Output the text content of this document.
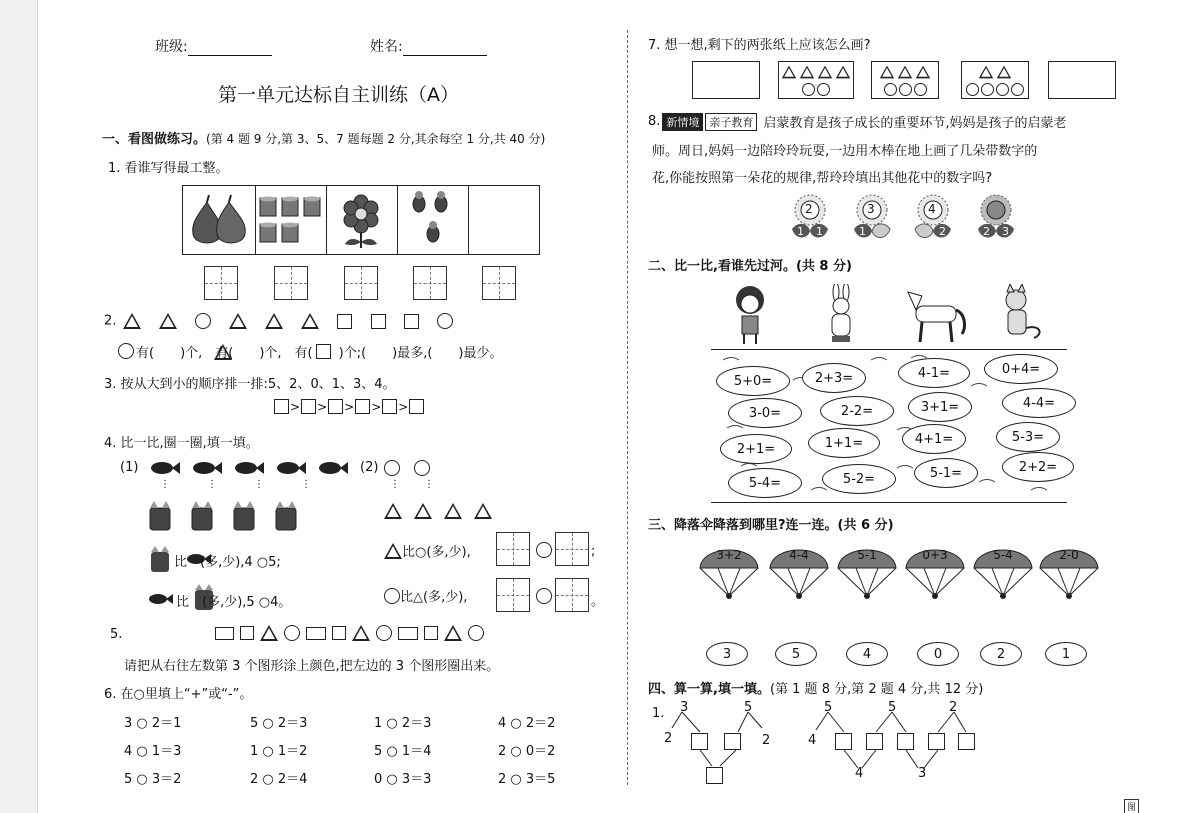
班级:	姓名:
第一单元达标自主训练（A）
一、看图做练习。(第 4 题 9 分,第 3、5、7 题每题 2 分,其余每空 1 分,共 40 分)
1. 看谁写得最工整。
2.
有(　　)个,　有(　　)个,　有(　　)个;(　　)最多,(　　)最少。
3. 按从大到小的顺序排一排:5、2、0、1、3、4。
> > > > >
4. 比一比,圈一圈,填一填。
(1)
⋮⋮⋮⋮
比　(多,少),4 ○5;
比　(多,少),5 ○4。
(2)
⋮⋮
比○(多,少),	;
比△(多,少),	。
5.
请把从右往左数第 3 个图形涂上颜色,把左边的 3 个图形圈出来。
6. 在○里填上“+”或“-”。
3 ○ 2＝1	5 ○ 2＝3	1 ○ 2＝3	4 ○ 2＝2
4 ○ 1＝3	1 ○ 1＝2	5 ○ 1＝4	2 ○ 0＝2
5 ○ 3＝2	2 ○ 2＝4	0 ○ 3＝3	2 ○ 3＝5
7. 想一想,剩下的两张纸上应该怎么画?
8. 新情境 亲子教育 启蒙教育是孩子成长的重要环节,妈妈是孩子的启蒙老
师。周日,妈妈一边陪玲玲玩耍,一边用木棒在地上画了几朵带数字的
花,你能按照第一朵花的规律,帮玲玲填出其他花中的数字吗?
2
1 1
3
1
4
2	2 3
二、比一比,看谁先过河。(共 8 分)
5+0=	2+3=	4-1=	0+4=
3-0=	2-2=	3+1=	4-4=
2+1=	1+1=	4+1=	5-3=
5-4=	5-2=	5-1=	2+2=
三、降落伞降落到哪里?连一连。(共 6 分)
3+2	4-4	5-1	0+3	5-4	2-0
3	5	4	0	2	1
四、算一算,填一填。(第 1 题 8 分,第 2 题 4 分,共 12 分)
1. 3	5
2	2
5	5	2
4
4	3
图
